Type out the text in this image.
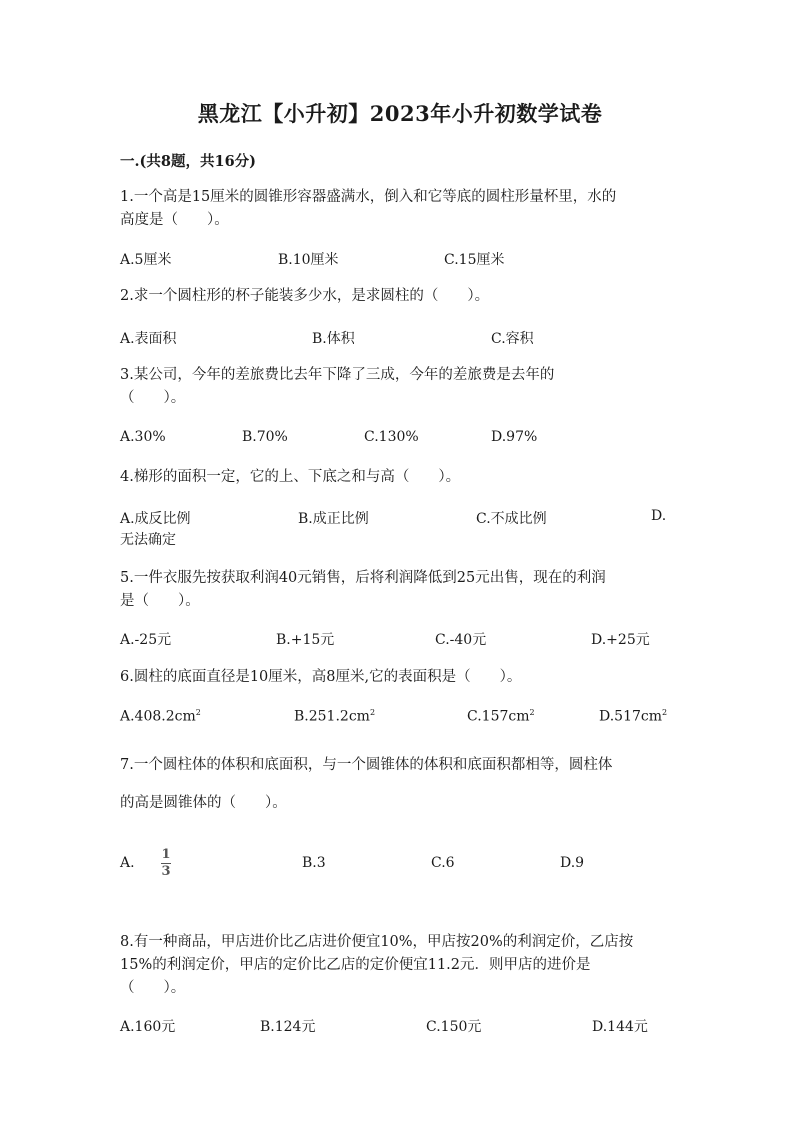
黑龙江【小升初】2023年小升初数学试卷
一.(共8题，共16分)
1.一个高是15厘米的圆锥形容器盛满水，倒入和它等底的圆柱形量杯里，水的
高度是（　　）。
A.5厘米	B.10厘米	C.15厘米
2.求一个圆柱形的杯子能装多少水，是求圆柱的（　　）。
A.表面积	B.体积	C.容积
3.某公司，今年的差旅费比去年下降了三成，今年的差旅费是去年的
（　　）。
A.30%	B.70%	C.130%	D.97%
4.梯形的面积一定，它的上、下底之和与高（　　）。
A.成反比例	B.成正比例	C.不成比例	D.
无法确定
5.一件衣服先按获取利润40元销售，后将利润降低到25元出售，现在的利润
是（　　）。
A.-25元	B.+15元	C.-40元	D.+25元
6.圆柱的底面直径是10厘米，高8厘米,它的表面积是（　　）。
$A.408.2cm^2$	$B.251.2cm^2$	$C.157cm^2$	$D.517cm^2$
7.一个圆柱体的体积和底面积，与一个圆锥体的体积和底面积都相等，圆柱体
的高是圆锥体的（　　）。
A.
1
3
B.3	C.6	D.9
8.有一种商品，甲店进价比乙店进价便宜10%，甲店按20%的利润定价，乙店按
15%的利润定价，甲店的定价比乙店的定价便宜11.2元．则甲店的进价是
（　　）。
A.160元	B.124元	C.150元	D.144元
